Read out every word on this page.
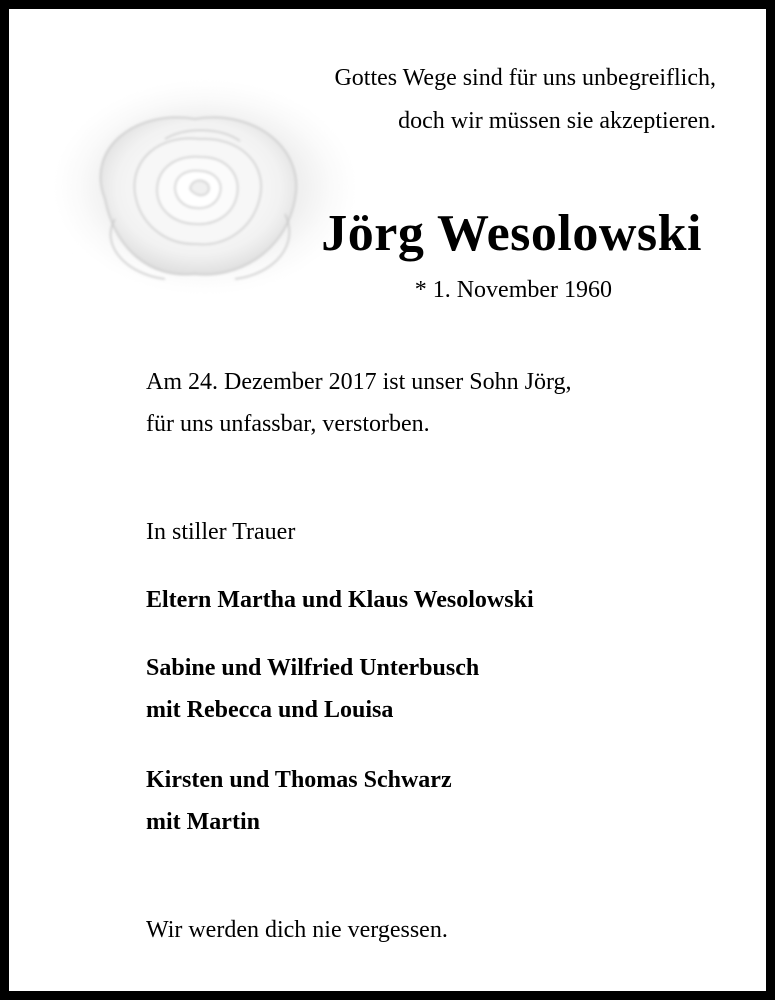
Gottes Wege sind für uns unbegreiflich,
doch wir müssen sie akzeptieren.
Jörg Wesolowski
* 1. November 1960
Am 24. Dezember 2017 ist unser Sohn Jörg,
für uns unfassbar, verstorben.
In stiller Trauer
Eltern Martha und Klaus Wesolowski
Sabine und Wilfried Unterbusch
mit Rebecca und Louisa
Kirsten und Thomas Schwarz
mit Martin
Wir werden dich nie vergessen.
